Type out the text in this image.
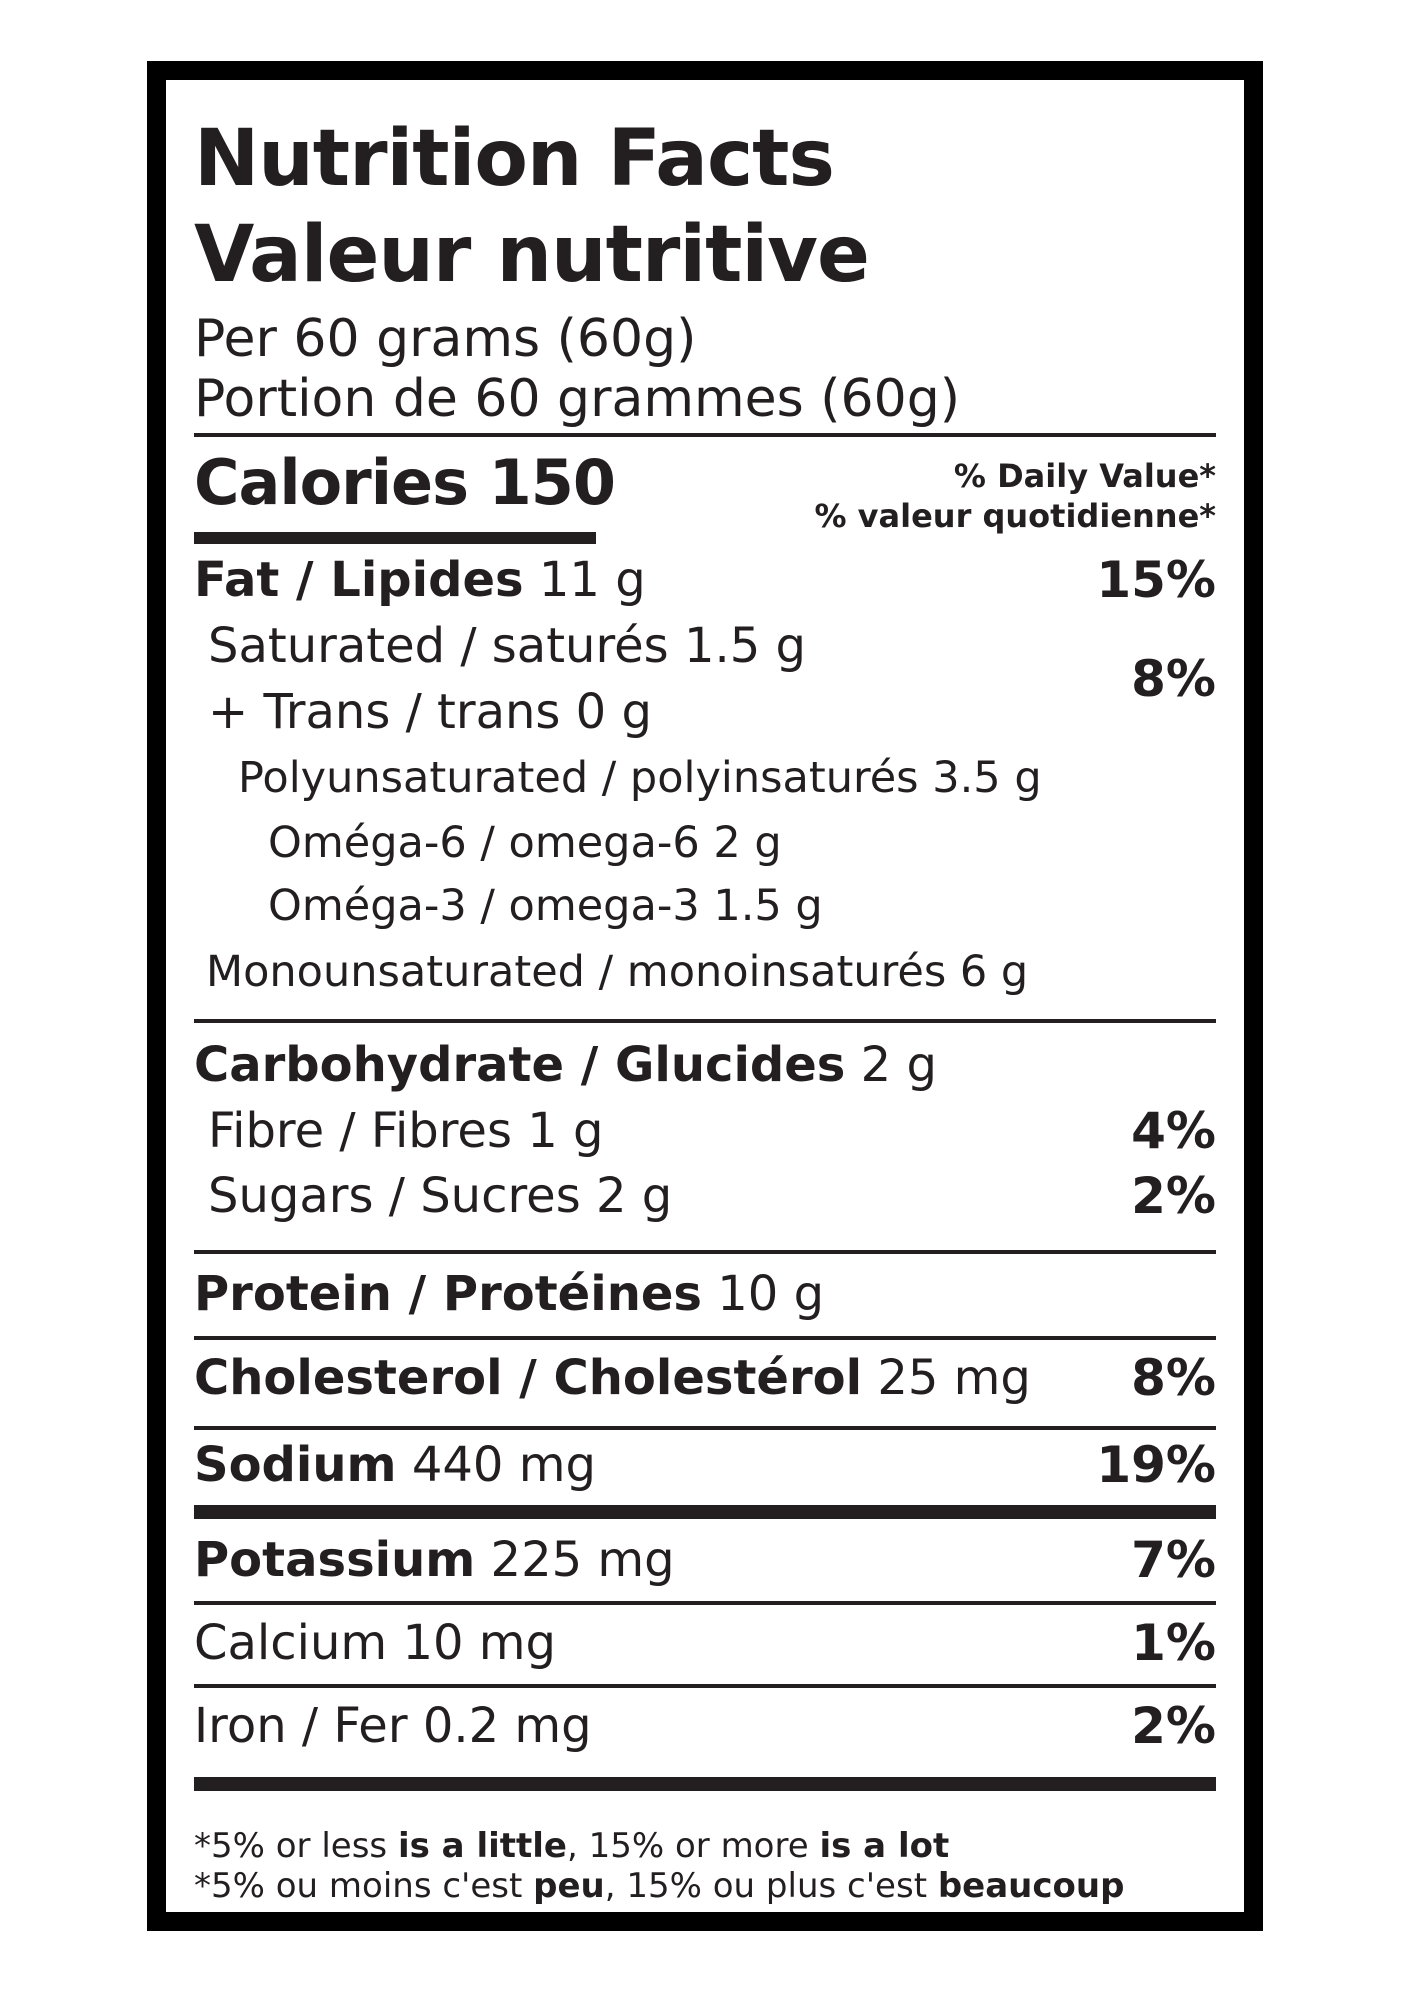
Nutrition Facts
Valeur nutritive
Per 60 grams (60g)
Portion de 60 grammes (60g)
Calories 150	% Daily Value*
% valeur quotidienne*
Fat / Lipides 11 g	15%
Saturated / saturés 1.5 g
+ Trans / trans 0 g
8%
Polyunsaturated / polyinsaturés 3.5 g
Oméga-6 / omega-6 2 g
Oméga-3 / omega-3 1.5 g
Monounsaturated / monoinsaturés 6 g
Carbohydrate / Glucides 2 g
Fibre / Fibres 1 g	4%
Sugars / Sucres 2 g	2%
Protein / Protéines 10 g
Cholesterol / Cholestérol 25 mg 8%
Sodium 440 mg	19%
Potassium 225 mg	7%
Calcium 10 mg	1%
Iron / Fer 0.2 mg	2%
*5% or less is a little, 15% or more is a lot
*5% ou moins c'est peu, 15% ou plus c'est beaucoup
